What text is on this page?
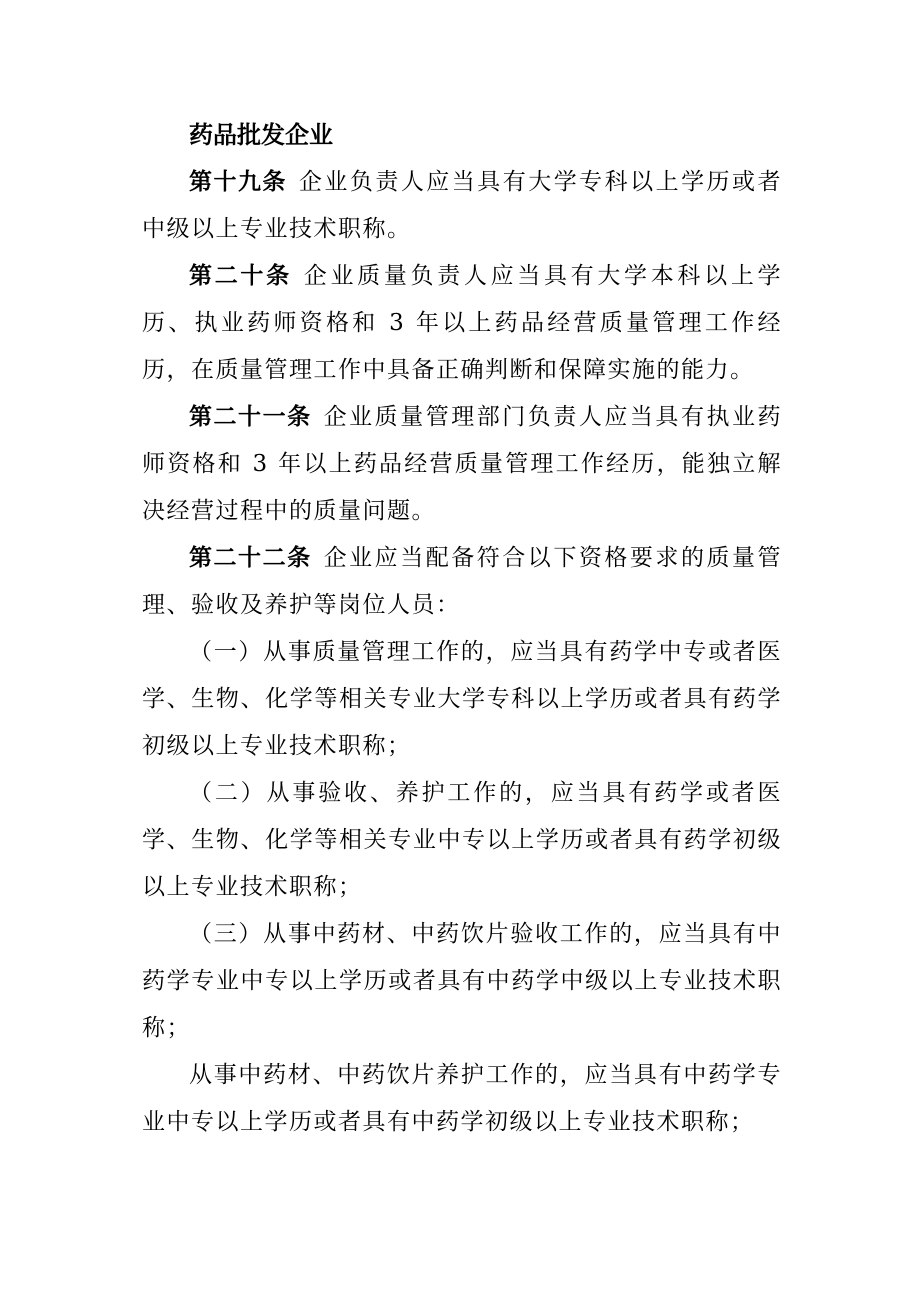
药品批发企业

第十九条 企业负责人应当具有大学专科以上学历或者中级以上专业技术职称。

第二十条 企业质量负责人应当具有大学本科以上学历、执业药师资格和 3 年以上药品经营质量管理工作经历，在质量管理工作中具备正确判断和保障实施的能力。

第二十一条 企业质量管理部门负责人应当具有执业药师资格和 3 年以上药品经营质量管理工作经历，能独立解决经营过程中的质量问题。

第二十二条 企业应当配备符合以下资格要求的质量管理、验收及养护等岗位人员：

（一）从事质量管理工作的，应当具有药学中专或者医学、生物、化学等相关专业大学专科以上学历或者具有药学初级以上专业技术职称；

（二）从事验收、养护工作的，应当具有药学或者医学、生物、化学等相关专业中专以上学历或者具有药学初级以上专业技术职称；

（三）从事中药材、中药饮片验收工作的，应当具有中药学专业中专以上学历或者具有中药学中级以上专业技术职称；

从事中药材、中药饮片养护工作的，应当具有中药学专业中专以上学历或者具有中药学初级以上专业技术职称；
